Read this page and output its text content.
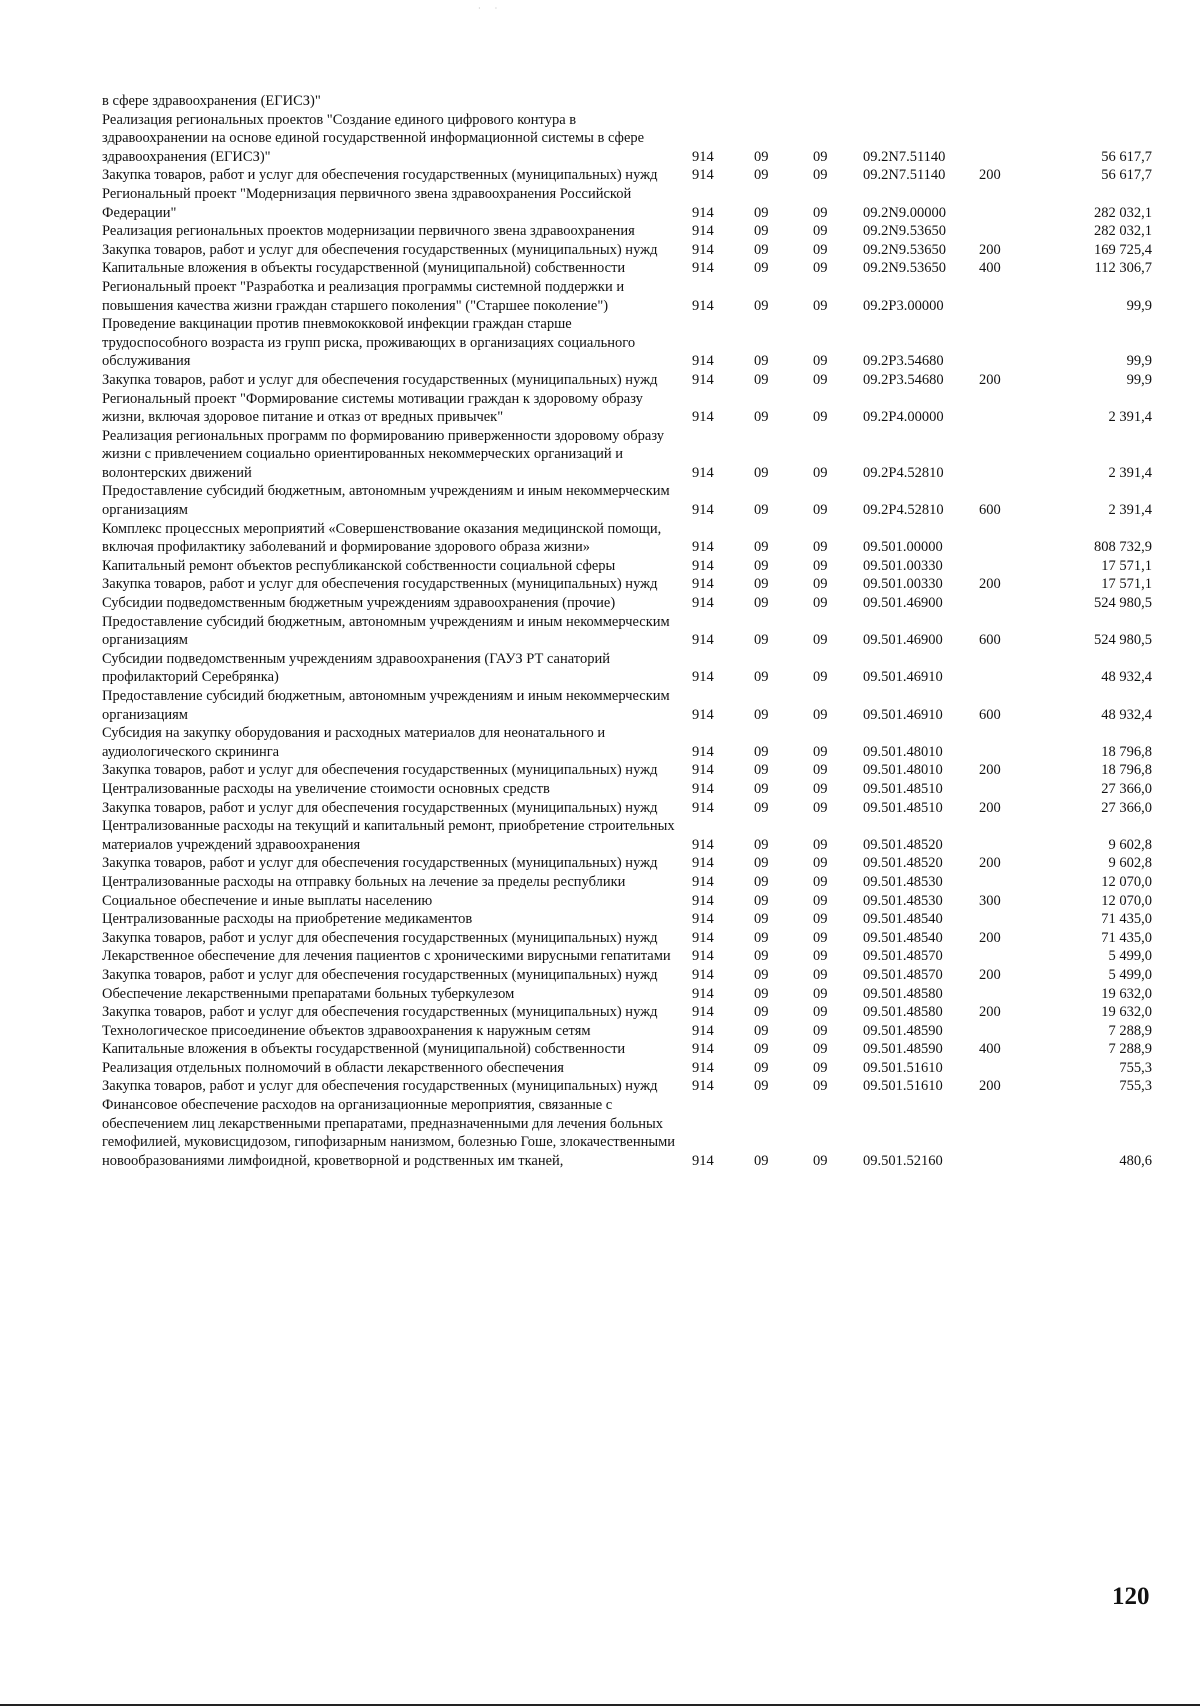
· ·
в сфере здравоохранения (ЕГИСЗ)"						
Реализация региональных проектов "Создание единого цифрового контура в здравоохранении на основе единой государственной информационной системы в сфере здравоохранения (ЕГИСЗ)"	914	09	09	09.2N7.51140		56 617,7
Закупка товаров, работ и услуг для обеспечения государственных (муниципальных) нужд	914	09	09	09.2N7.51140	200	56 617,7
Региональный проект "Модернизация первичного звена здравоохранения Российской Федерации"	914	09	09	09.2N9.00000		282 032,1
Реализация региональных проектов модернизации первичного звена здравоохранения	914	09	09	09.2N9.53650		282 032,1
Закупка товаров, работ и услуг для обеспечения государственных (муниципальных) нужд	914	09	09	09.2N9.53650	200	169 725,4
Капитальные вложения в объекты государственной (муниципальной) собственности	914	09	09	09.2N9.53650	400	112 306,7
Региональный проект "Разработка и реализация программы системной поддержки и повышения качества жизни граждан старшего поколения" ("Старшее поколение")	914	09	09	09.2P3.00000		99,9
Проведение вакцинации против пневмококковой инфекции граждан старше трудоспособного возраста из групп риска, проживающих в организациях социального обслуживания	914	09	09	09.2P3.54680		99,9
Закупка товаров, работ и услуг для обеспечения государственных (муниципальных) нужд	914	09	09	09.2P3.54680	200	99,9
Региональный проект "Формирование системы мотивации граждан к здоровому образу жизни, включая здоровое питание и отказ от вредных привычек"	914	09	09	09.2P4.00000		2 391,4
Реализация региональных программ по формированию приверженности здоровому образу жизни с привлечением социально ориентированных некоммерческих организаций и волонтерских движений	914	09	09	09.2P4.52810		2 391,4
Предоставление субсидий бюджетным, автономным учреждениям и иным некоммерческим организациям	914	09	09	09.2P4.52810	600	2 391,4
Комплекс процессных мероприятий «Совершенствование оказания медицинской помощи, включая профилактику заболеваний и формирование здорового образа жизни»	914	09	09	09.501.00000		808 732,9
Капитальный ремонт объектов республиканской собственности социальной сферы	914	09	09	09.501.00330		17 571,1
Закупка товаров, работ и услуг для обеспечения государственных (муниципальных) нужд	914	09	09	09.501.00330	200	17 571,1
Субсидии подведомственным бюджетным учреждениям здравоохранения (прочие)	914	09	09	09.501.46900		524 980,5
Предоставление субсидий бюджетным, автономным учреждениям и иным некоммерческим организациям	914	09	09	09.501.46900	600	524 980,5
Субсидии подведомственным учреждениям здравоохранения (ГАУЗ РТ санаторий профилакторий Серебрянка)	914	09	09	09.501.46910		48 932,4
Предоставление субсидий бюджетным, автономным учреждениям и иным некоммерческим организациям	914	09	09	09.501.46910	600	48 932,4
Субсидия на закупку оборудования и расходных материалов для неонатального и аудиологического скрининга	914	09	09	09.501.48010		18 796,8
Закупка товаров, работ и услуг для обеспечения государственных (муниципальных) нужд	914	09	09	09.501.48010	200	18 796,8
Централизованные расходы на увеличение стоимости основных средств	914	09	09	09.501.48510		27 366,0
Закупка товаров, работ и услуг для обеспечения государственных (муниципальных) нужд	914	09	09	09.501.48510	200	27 366,0
Централизованные расходы на текущий и капитальный ремонт, приобретение строительных материалов учреждений здравоохранения	914	09	09	09.501.48520		9 602,8
Закупка товаров, работ и услуг для обеспечения государственных (муниципальных) нужд	914	09	09	09.501.48520	200	9 602,8
Централизованные расходы на отправку больных на лечение за пределы республики	914	09	09	09.501.48530		12 070,0
Социальное обеспечение и иные выплаты населению	914	09	09	09.501.48530	300	12 070,0
Централизованные расходы на приобретение медикаментов	914	09	09	09.501.48540		71 435,0
Закупка товаров, работ и услуг для обеспечения государственных (муниципальных) нужд	914	09	09	09.501.48540	200	71 435,0
Лекарственное обеспечение для лечения пациентов с хроническими вирусными гепатитами	914	09	09	09.501.48570		5 499,0
Закупка товаров, работ и услуг для обеспечения государственных (муниципальных) нужд	914	09	09	09.501.48570	200	5 499,0
Обеспечение лекарственными препаратами больных туберкулезом	914	09	09	09.501.48580		19 632,0
Закупка товаров, работ и услуг для обеспечения государственных (муниципальных) нужд	914	09	09	09.501.48580	200	19 632,0
Технологическое присоединение объектов здравоохранения к наружным сетям	914	09	09	09.501.48590		7 288,9
Капитальные вложения в объекты государственной (муниципальной) собственности	914	09	09	09.501.48590	400	7 288,9
Реализация отдельных полномочий в области лекарственного обеспечения	914	09	09	09.501.51610		755,3
Закупка товаров, работ и услуг для обеспечения государственных (муниципальных) нужд	914	09	09	09.501.51610	200	755,3
Финансовое обеспечение расходов на организационные мероприятия, связанные с обеспечением лиц лекарственными препаратами, предназначенными для лечения больных гемофилией, муковисцидозом, гипофизарным нанизмом, болезнью Гоше, злокачественными новообразованиями лимфоидной, кроветворной и родственных им тканей,	914	09	09	09.501.52160		480,6
120
